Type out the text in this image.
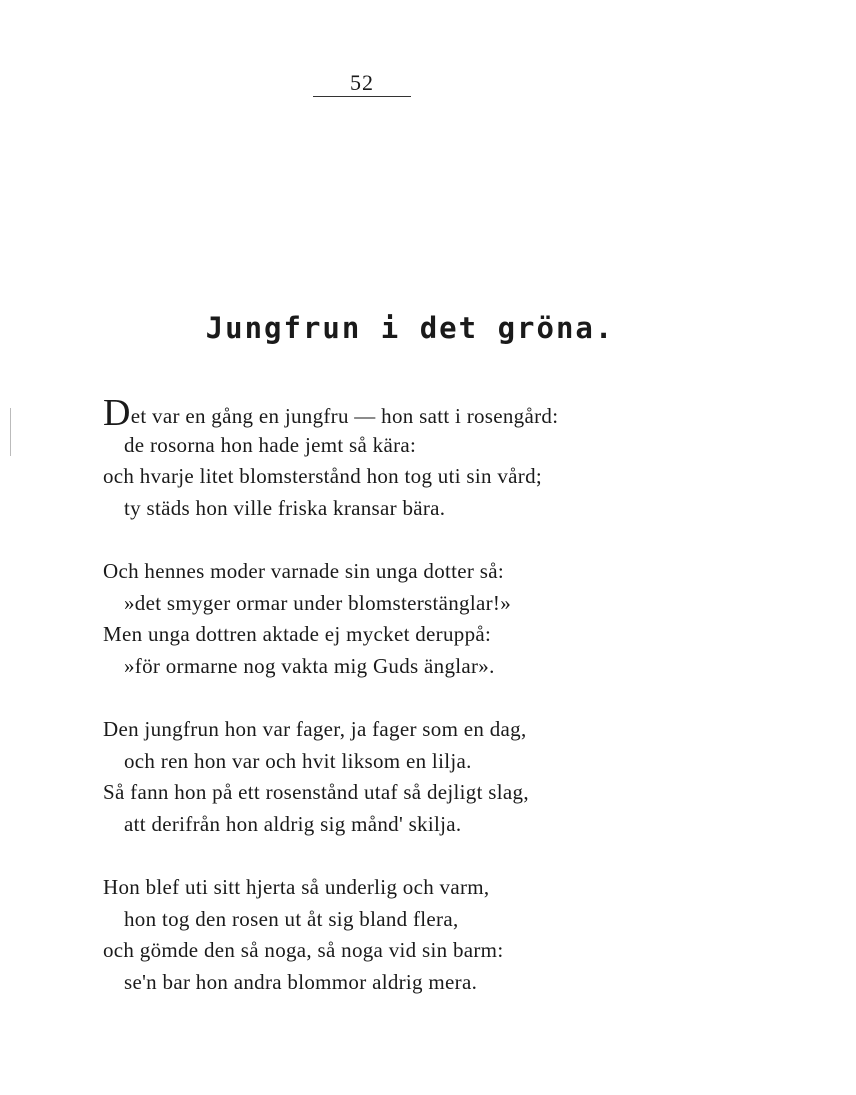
52
Jungfrun i det gröna.
Det var en gång en jungfru — hon satt i rosengård:
de rosorna hon hade jemt så kära:
och hvarje litet blomsterstånd hon tog uti sin vård;
ty städs hon ville friska kransar bära.
Och hennes moder varnade sin unga dotter så:
»det smyger ormar under blomsterstänglar!»
Men unga dottren aktade ej mycket deruppå:
»för ormarne nog vakta mig Guds änglar».
Den jungfrun hon var fager, ja fager som en dag,
och ren hon var och hvit liksom en lilja.
Så fann hon på ett rosenstånd utaf så dejligt slag,
att derifrån hon aldrig sig månd' skilja.
Hon blef uti sitt hjerta så underlig och varm,
hon tog den rosen ut åt sig bland flera,
och gömde den så noga, så noga vid sin barm:
se'n bar hon andra blommor aldrig mera.
